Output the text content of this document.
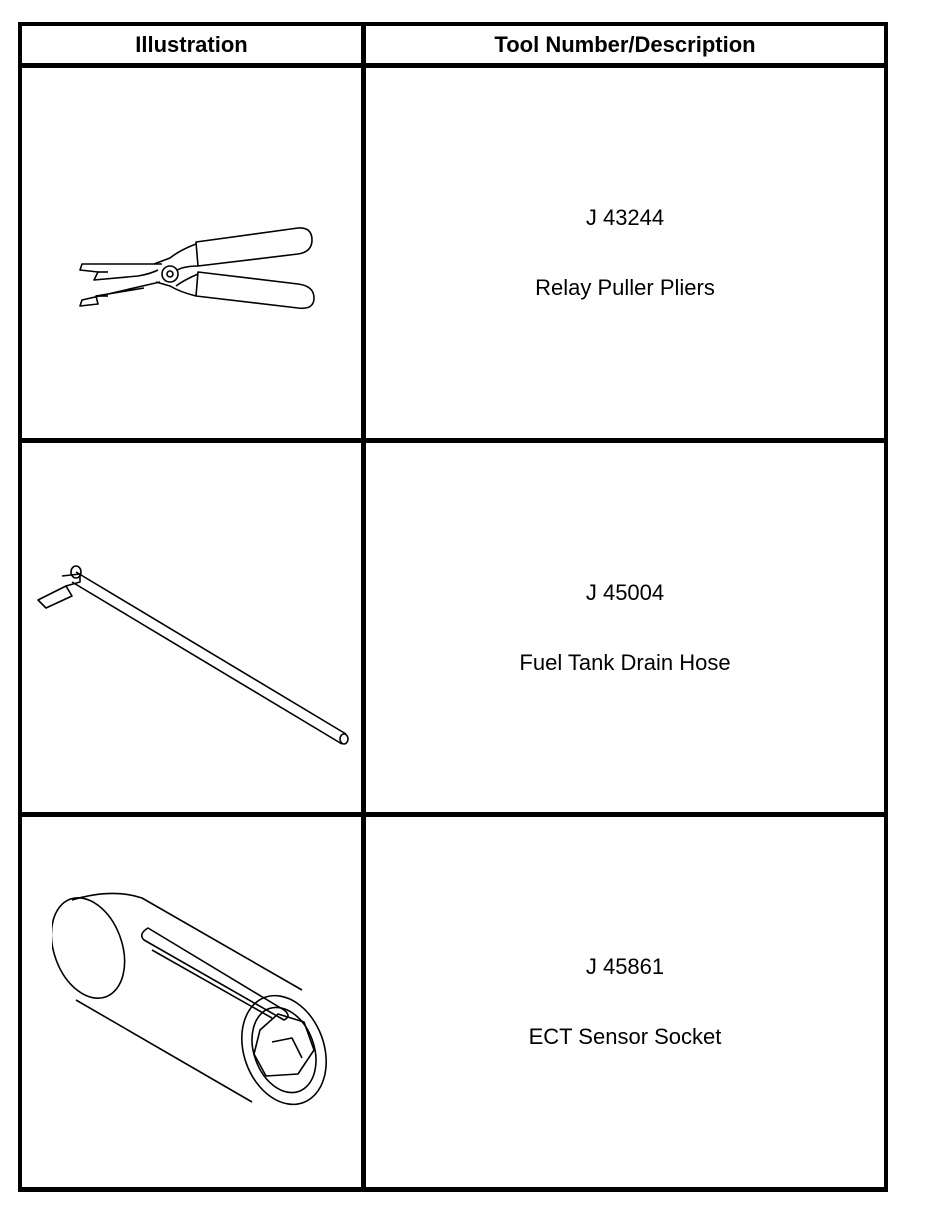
Illustration	Tool Number/Description
J 43244
Relay Puller Pliers
J 45004
Fuel Tank Drain Hose
J 45861
ECT Sensor Socket
